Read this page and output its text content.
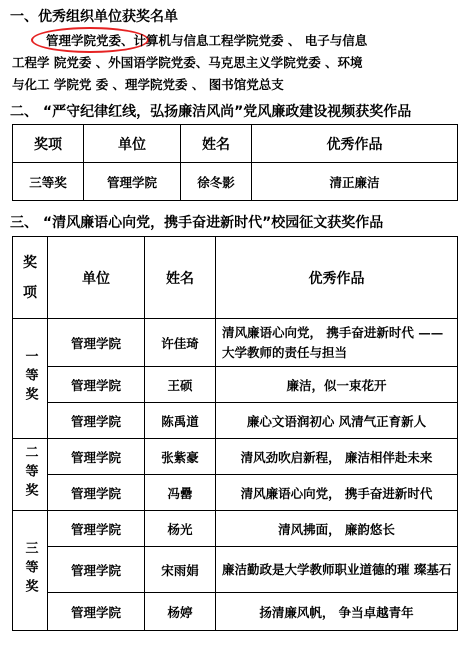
一、优秀组织单位获奖名单
管理学院党委、计算机与信息工程学院党委 、 电子与信息
工程学 院党委 、外国语学院党委、马克思主义学院党委 、环境
与化工 学院党 委 、理学院党委 、 图书馆党总支
二、 “严守纪律红线，弘扬廉洁风尚”党风廉政建设视频获奖作品
奖项	单位	姓名	优秀作品
三等奖	管理学院	徐冬影	清正廉洁
三、 “清风廉语心向党，携手奋进新时代”校园征文获奖作品
奖
项	单位	姓名	优秀作品
一等奖	管理学院	许佳琦	清风廉语心向党， 携手奋进新时代 ——大学教师的责任与担当
	管理学院	王硕	廉洁，似一束花开
	管理学院	陈禹道	廉心文语润初心 风清气正育新人
二等奖	管理学院	张紫豪	清风劲吹启新程， 廉洁相伴赴未来
	管理学院	冯罍	清风廉语心向党， 携手奋进新时代
三等奖	管理学院	杨光	清风拂面， 廉韵悠长
	管理学院	宋雨娟	廉洁勤政是大学教师职业道德的璀 璨基石
	管理学院	杨婷	扬清廉风帆， 争当卓越青年
